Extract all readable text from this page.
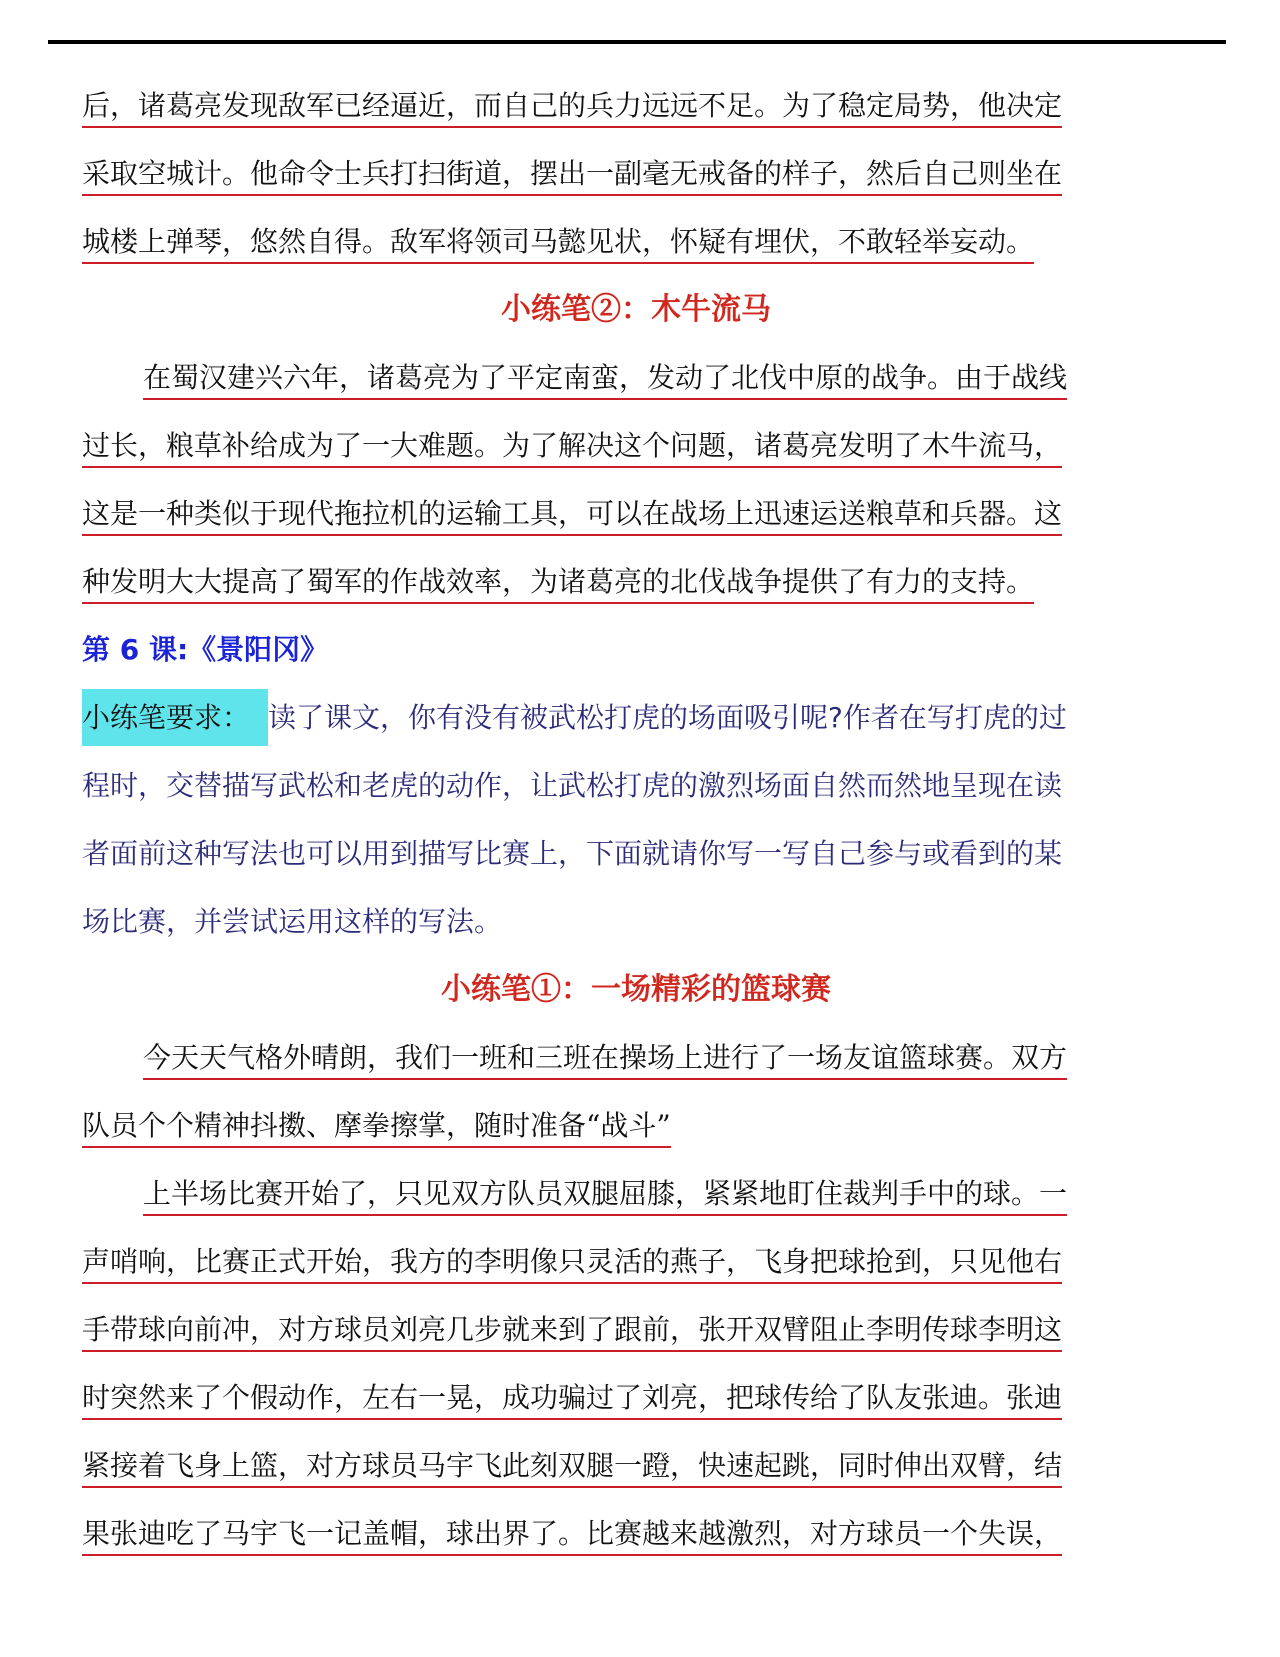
后，诸葛亮发现敌军已经逼近，而自己的兵力远远不足。为了稳定局势，他决定
采取空城计。他命令士兵打扫街道，摆出一副毫无戒备的样子，然后自己则坐在
城楼上弹琴，悠然自得。敌军将领司马懿见状，怀疑有埋伏，不敢轻举妄动。
小练笔②：木牛流马
在蜀汉建兴六年，诸葛亮为了平定南蛮，发动了北伐中原的战争。由于战线
过长，粮草补给成为了一大难题。为了解决这个问题，诸葛亮发明了木牛流马，
这是一种类似于现代拖拉机的运输工具，可以在战场上迅速运送粮草和兵器。这
种发明大大提高了蜀军的作战效率，为诸葛亮的北伐战争提供了有力的支持。
第 6 课:《景阳冈》
小练笔要求： 读了课文，你有没有被武松打虎的场面吸引呢?作者在写打虎的过
程时，交替描写武松和老虎的动作，让武松打虎的激烈场面自然而然地呈现在读
者面前这种写法也可以用到描写比赛上，下面就请你写一写自己参与或看到的某
场比赛，并尝试运用这样的写法。
小练笔①：一场精彩的篮球赛
今天天气格外晴朗，我们一班和三班在操场上进行了一场友谊篮球赛。双方
队员个个精神抖擞、摩拳擦掌，随时准备“战斗”
上半场比赛开始了，只见双方队员双腿屈膝，紧紧地盯住裁判手中的球。一
声哨响，比赛正式开始，我方的李明像只灵活的燕子，飞身把球抢到，只见他右
手带球向前冲，对方球员刘亮几步就来到了跟前，张开双臂阻止李明传球李明这
时突然来了个假动作，左右一晃，成功骗过了刘亮，把球传给了队友张迪。张迪
紧接着飞身上篮，对方球员马宇飞此刻双腿一蹬，快速起跳，同时伸出双臂，结
果张迪吃了马宇飞一记盖帽，球出界了。比赛越来越激烈，对方球员一个失误，
